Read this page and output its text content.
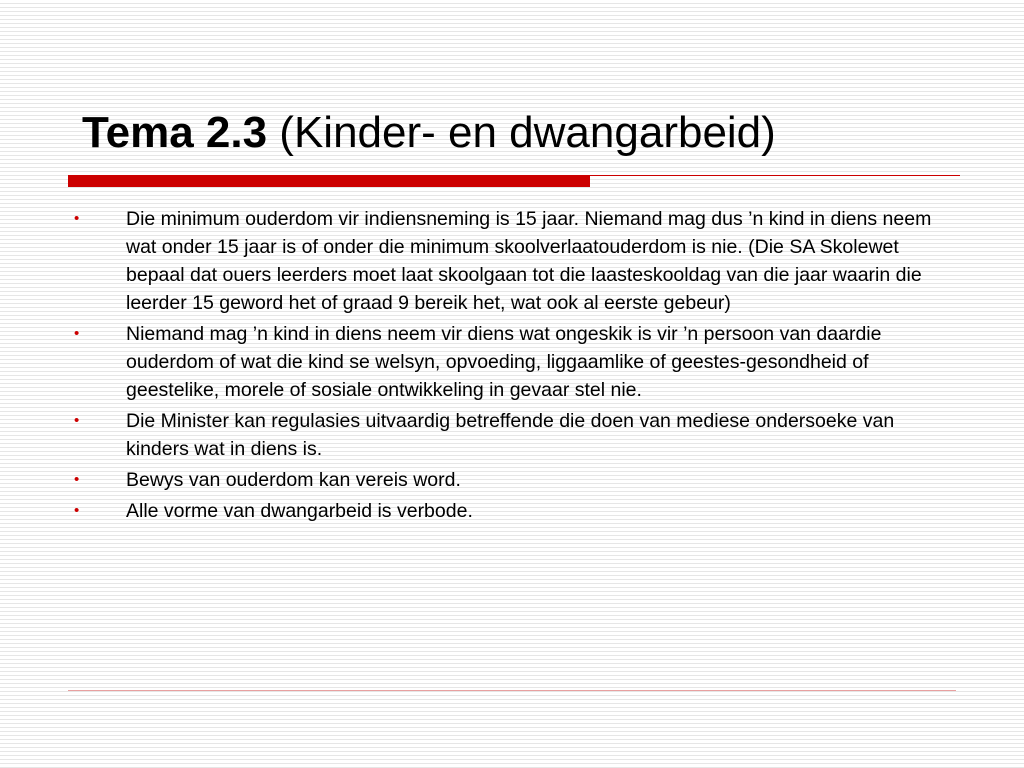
Tema 2.3 (Kinder- en dwangarbeid)
• Die minimum ouderdom vir indiensneming is 15 jaar. Niemand mag dus ’n kind in diens neem wat onder 15 jaar is of onder die minimum skoolverlaatouderdom is nie. (Die SA Skolewet bepaal dat ouers leerders moet laat skoolgaan tot die laasteskooldag van die jaar waarin die leerder 15 geword het of graad 9 bereik het, wat ook al eerste gebeur)
• Niemand mag ’n kind in diens neem vir diens wat ongeskik is vir ’n persoon van daardie ouderdom of wat die kind se welsyn, opvoeding, liggaamlike of geestes-gesondheid of geestelike, morele of sosiale ontwikkeling in gevaar stel nie.
• Die Minister kan regulasies uitvaardig betreffende die doen van mediese ondersoeke van kinders wat in diens is.
• Bewys van ouderdom kan vereis word.
• Alle vorme van dwangarbeid is verbode.
